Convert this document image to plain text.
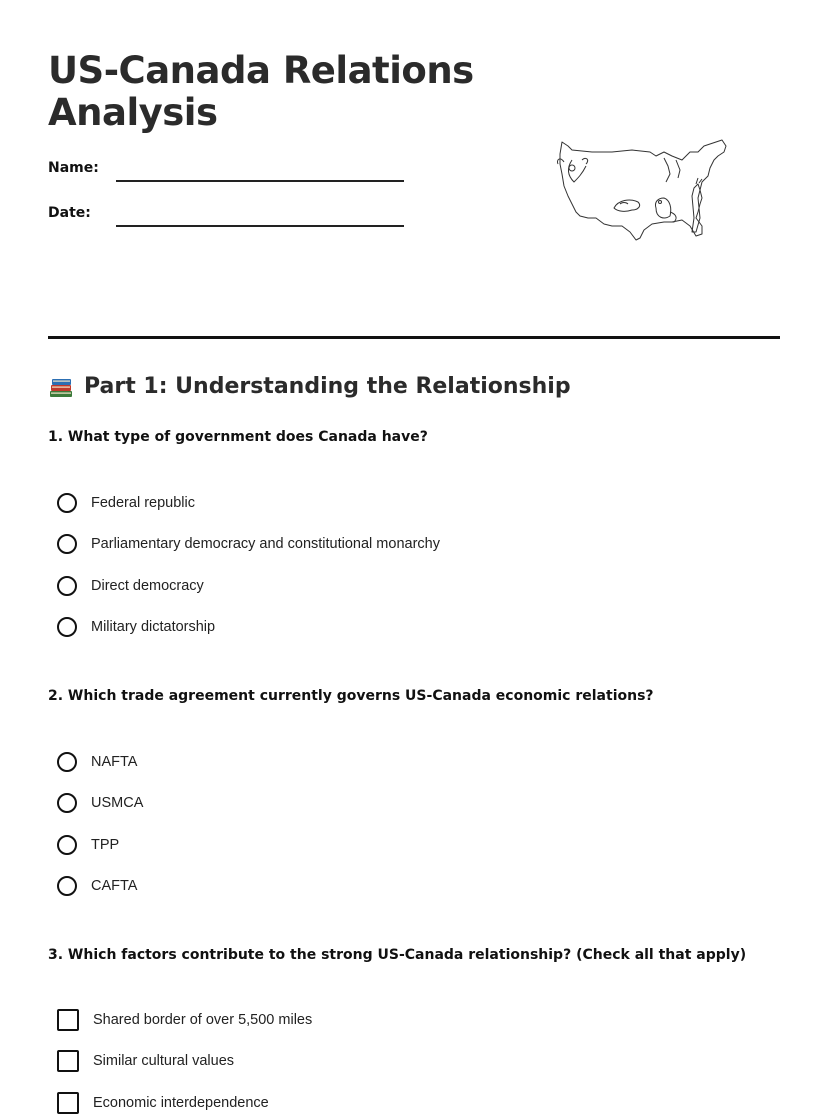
US-Canada Relations Analysis
Name:
Date:
Part 1: Understanding the Relationship

1. What type of government does Canada have?

Federal republic
Parliamentary democracy and constitutional monarchy
Direct democracy
Military dictatorship

2. Which trade agreement currently governs US-Canada economic relations?

NAFTA
USMCA
TPP
CAFTA

3. Which factors contribute to the strong US-Canada relationship? (Check all that apply)

Shared border of over 5,500 miles
Similar cultural values
Economic interdependence
